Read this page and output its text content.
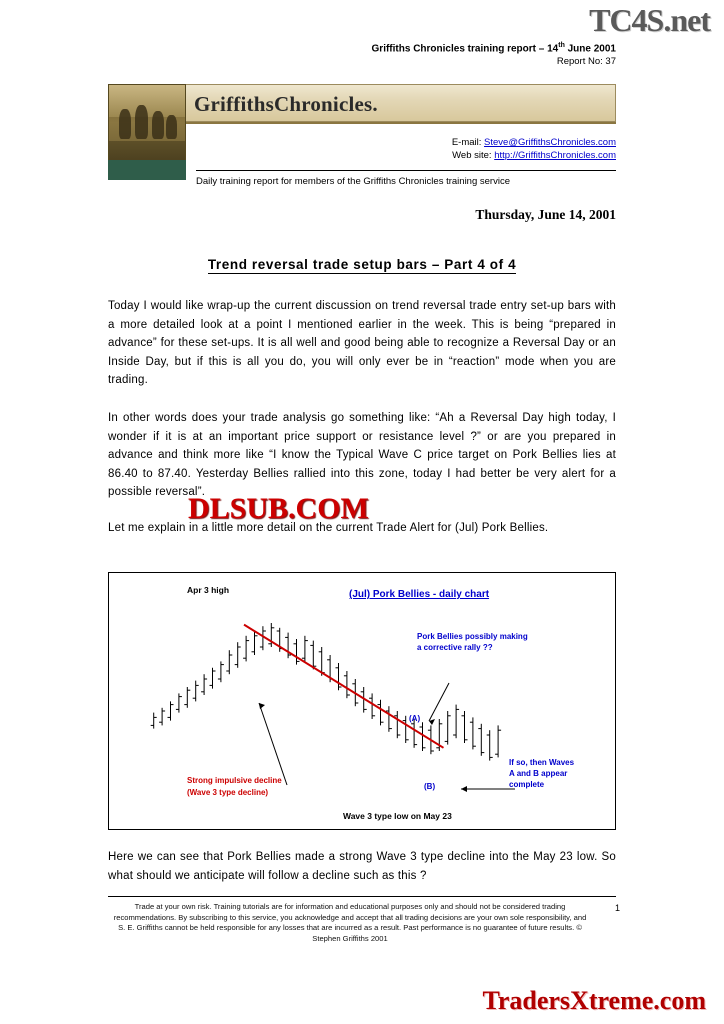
TC4S.net
Griffiths Chronicles training report – 14th June 2001
Report No: 37
GriffithsChronicles.
E-mail: Steve@GriffithsChronicles.com
Web site: http://GriffithsChronicles.com
Daily training report for members of the Griffiths Chronicles training service
Thursday, June 14, 2001
Trend reversal trade setup bars – Part 4 of 4
Today I would like wrap-up the current discussion on trend reversal trade entry set-up bars with a more detailed look at a point I mentioned earlier in the week. This is being “prepared in advance” for these set-ups. It is all well and good being able to recognize a Reversal Day or an Inside Day, but if this is all you do, you will only ever be in “reaction” mode when you are trading.
In other words does your trade analysis go something like: “Ah a Reversal Day high today, I wonder if it is at an important price support or resistance level ?” or are you prepared in advance and think more like “I know the Typical Wave C price target on Pork Bellies lies at 86.40 to 87.40. Yesterday Bellies rallied into this zone, today I had better be very alert for a possible reversal”.
Let me explain in a little more detail on the current Trade Alert for (Jul) Pork Bellies.
DLSUB.COM
(Jul) Pork Bellies - daily chart
Apr 3 high
Pork Bellies possibly making
a corrective rally ??
(A)
(B)
If so, then Waves
A and B appear
complete
Strong impulsive decline
(Wave 3 type decline)
Wave 3 type low on May 23
Here we can see that Pork Bellies made a strong Wave 3 type decline into the May 23 low. So what should we anticipate will follow a decline such as this ?
Trade at your own risk. Training tutorials are for information and educational purposes only and should not be considered trading recommendations. By subscribing to this service, you acknowledge and accept that all trading decisions are your own sole responsibility, and S. E. Griffiths cannot be held responsible for any losses that are incurred as a result. Past performance is no guarantee of future results. © Stephen Griffiths 2001
1
TradersXtreme.com
